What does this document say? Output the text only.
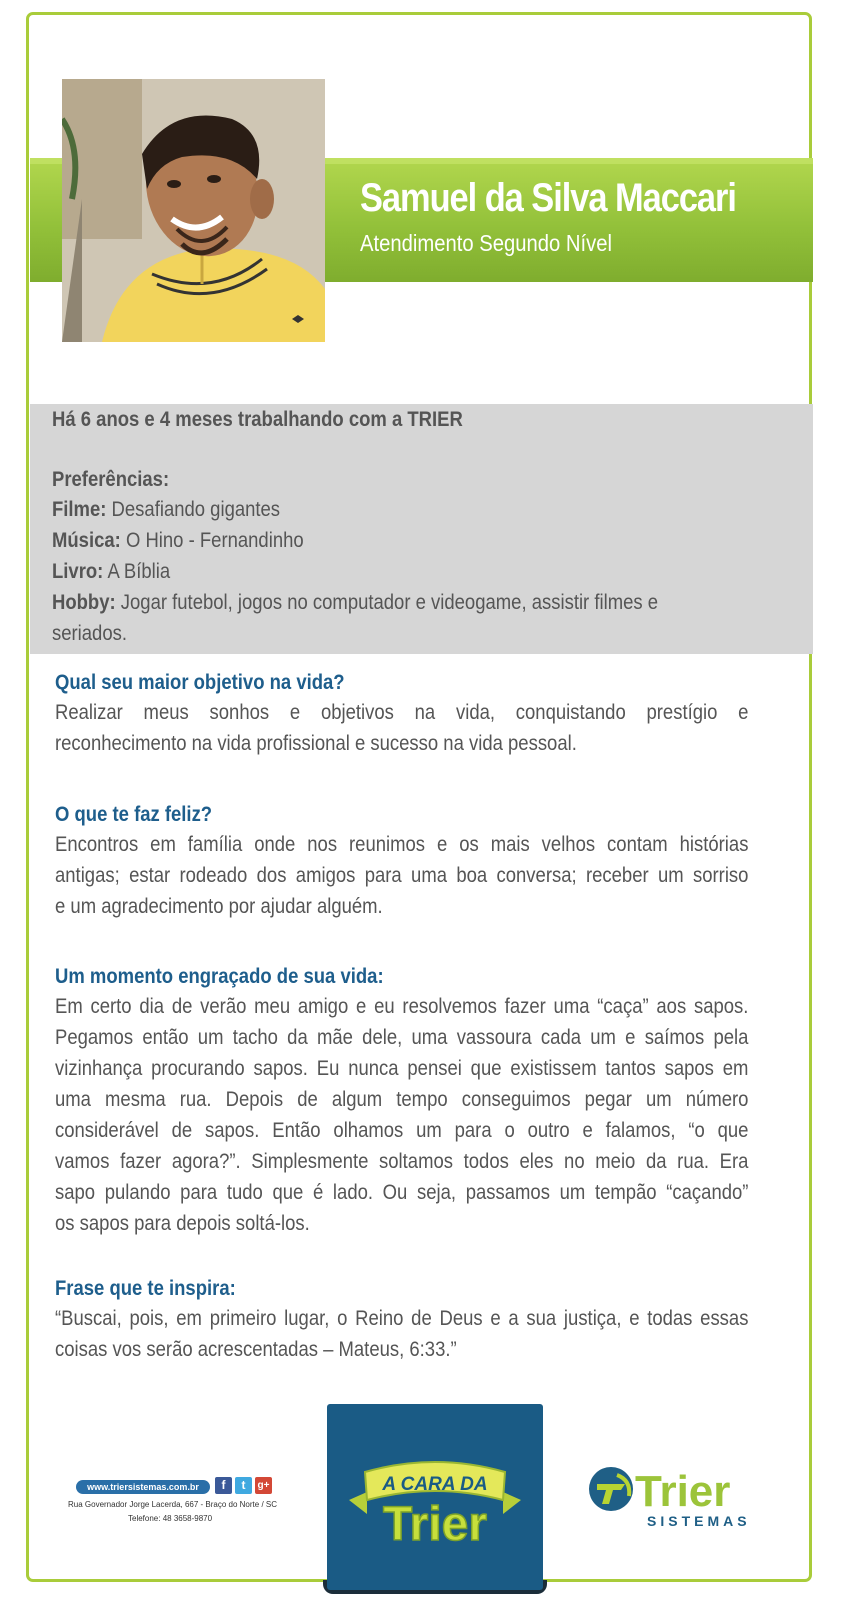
Samuel da Silva Maccari
Atendimento Segundo Nível
Há 6 anos e 4 meses trabalhando com a TRIER
Preferências:
Filme: Desafiando gigantes
Música: O Hino - Fernandinho
Livro: A Bíblia
Hobby: Jogar futebol, jogos no computador e videogame, assistir filmes e
seriados.
Qual seu maior objetivo na vida?
Realizar meus sonhos e objetivos na vida, conquistando prestígio e
reconhecimento na vida profissional e sucesso na vida pessoal.
O que te faz feliz?
Encontros em família onde nos reunimos e os mais velhos contam histórias
antigas; estar rodeado dos amigos para uma boa conversa; receber um sorriso
e um agradecimento por ajudar alguém.
Um momento engraçado de sua vida:
Em certo dia de verão meu amigo e eu resolvemos fazer uma “caça” aos sapos.
Pegamos então um tacho da mãe dele, uma vassoura cada um e saímos pela
vizinhança procurando sapos. Eu nunca pensei que existissem tantos sapos em
uma mesma rua. Depois de algum tempo conseguimos pegar um número
considerável de sapos. Então olhamos um para o outro e falamos, “o que
vamos fazer agora?”. Simplesmente soltamos todos eles no meio da rua. Era
sapo pulando para tudo que é lado. Ou seja, passamos um tempão “caçando”
os sapos para depois soltá-los.
Frase que te inspira:
“Buscai, pois, em primeiro lugar, o Reino de Deus e a sua justiça, e todas essas
coisas vos serão acrescentadas – Mateus, 6:33.”
www.triersistemas.com.br	f	t	g+
Rua Governador Jorge Lacerda, 667 - Braço do Norte / SC
Telefone: 48 3658-9870
A CARA DA
Trier
Trier
SISTEMAS
